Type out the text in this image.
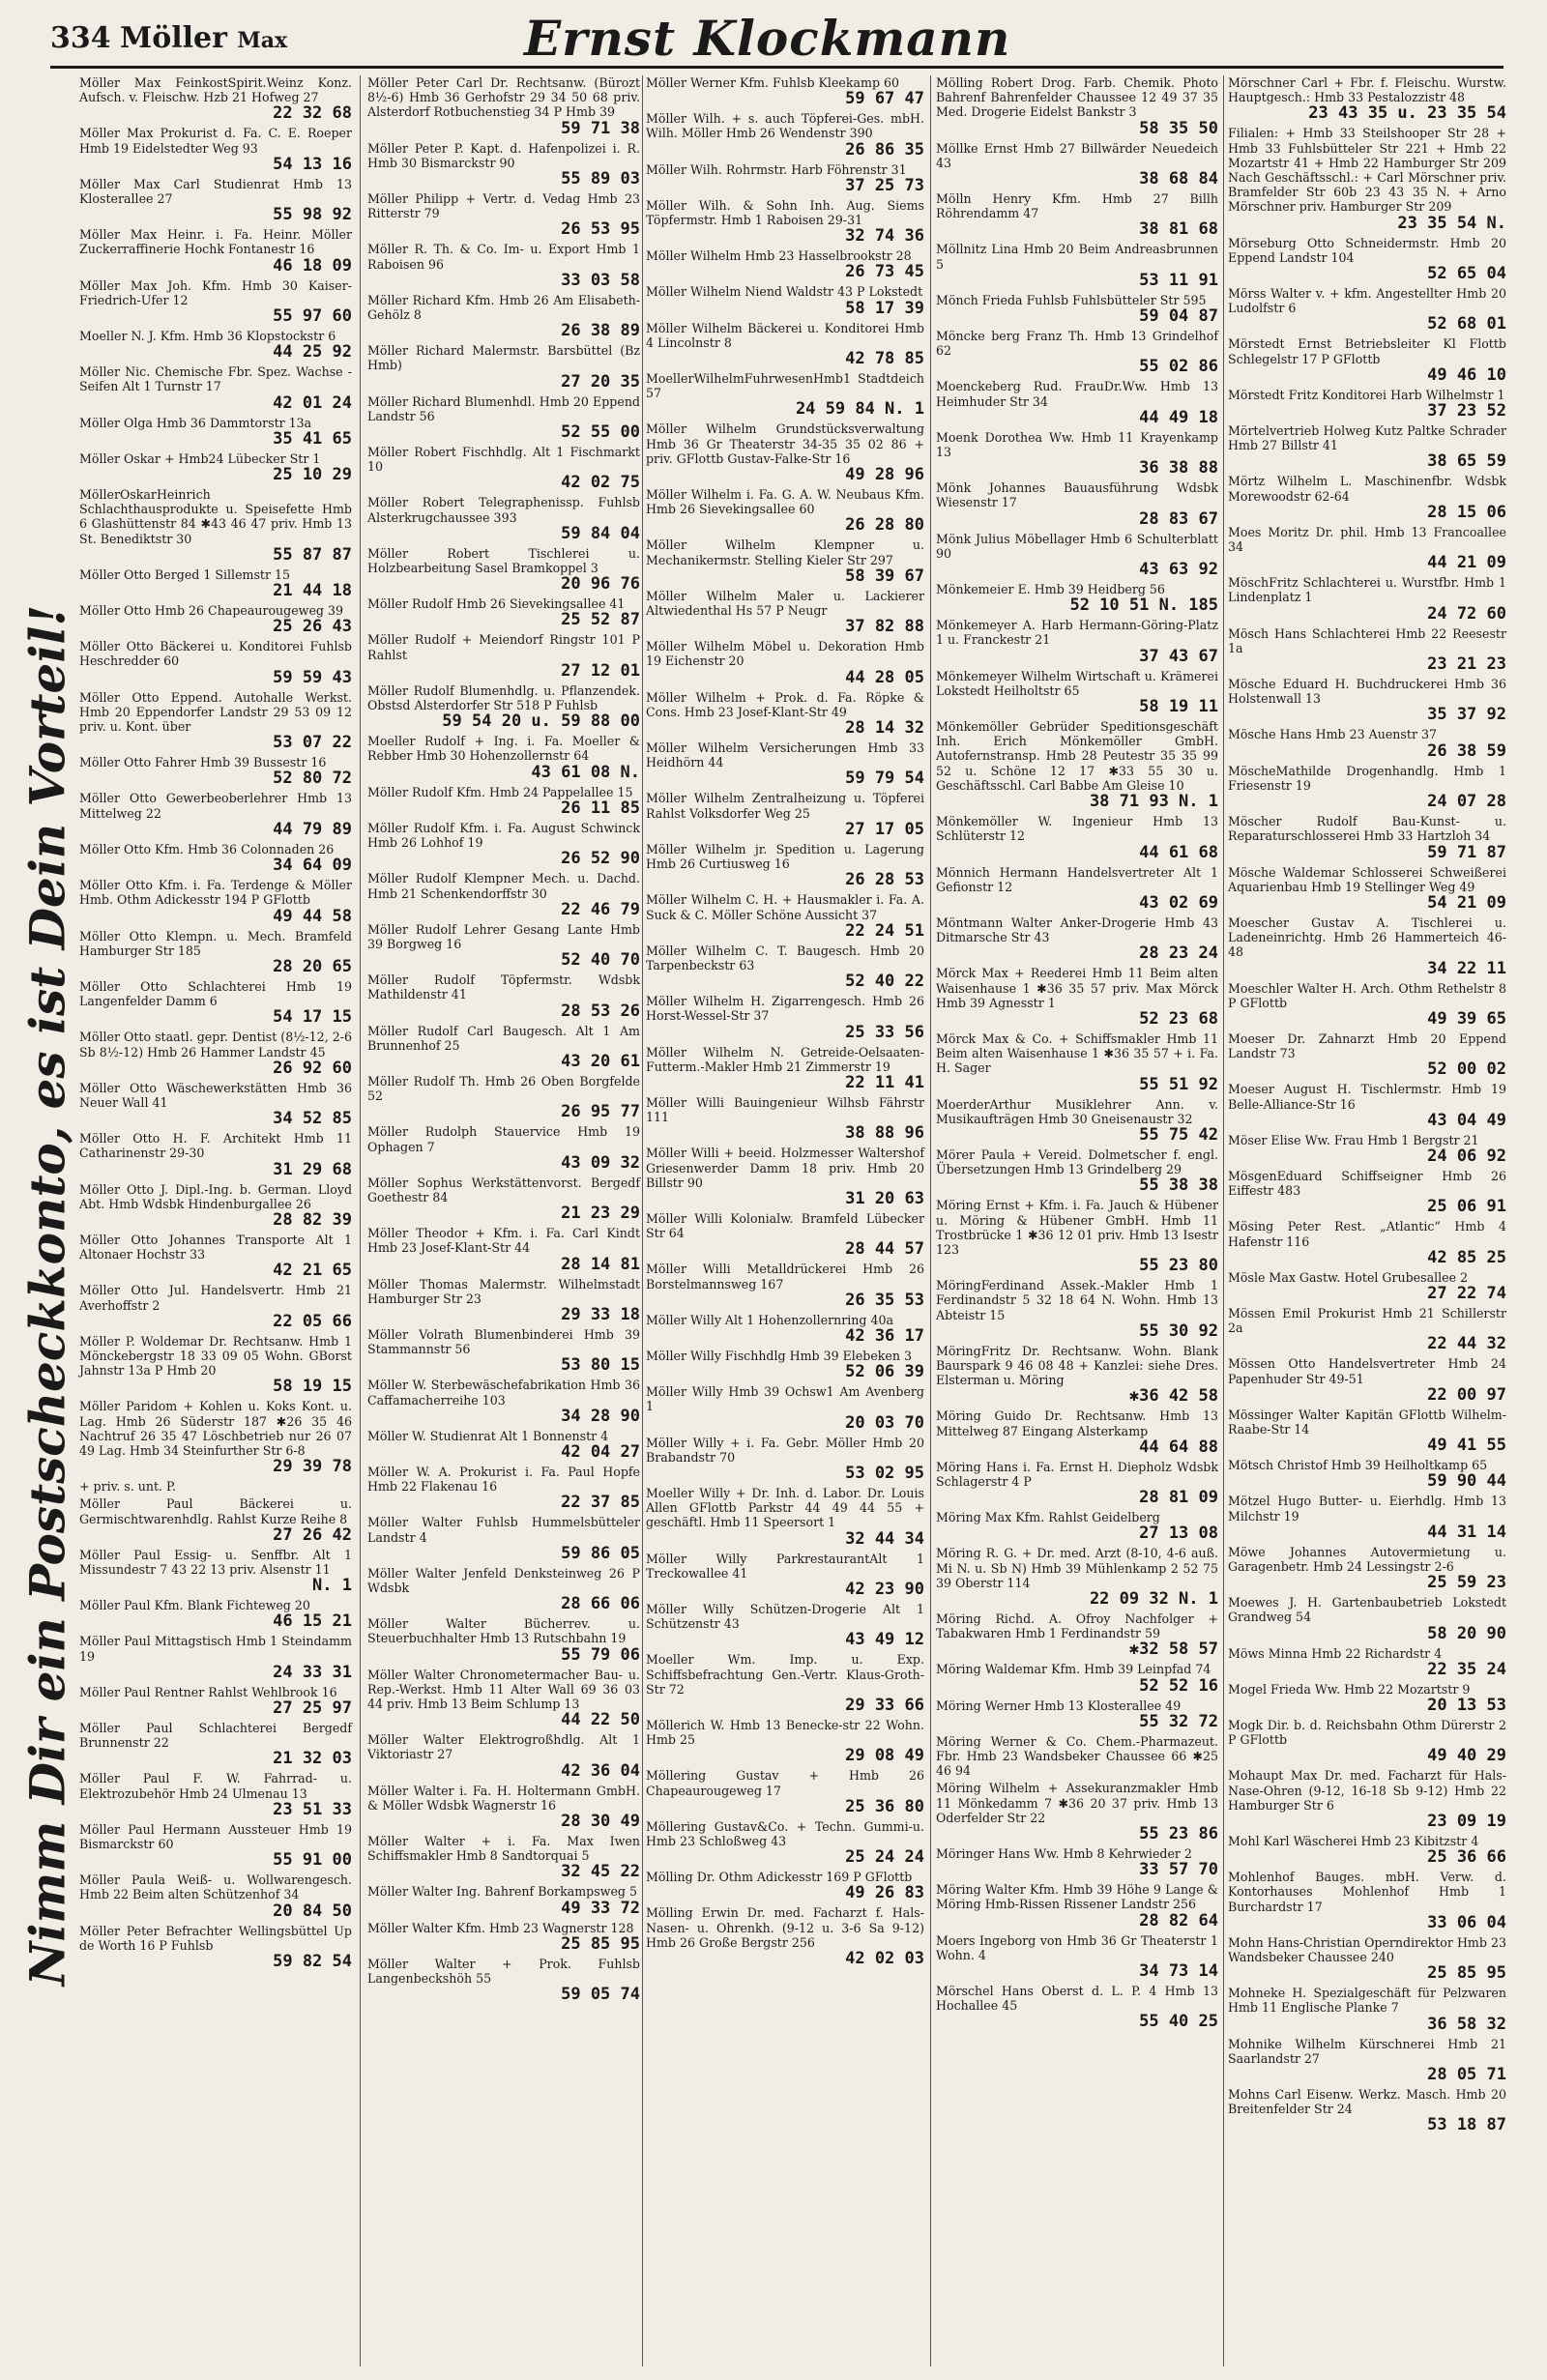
334 Möller Max	Ernst Klockmann
Nimm Dir ein Postscheckkonto, es ist Dein Vorteil!
Möller Max FeinkostSpirit.Weinz Konz. Aufsch. v. Fleischw. Hzb 21 Hofweg 27
22 32 68
Möller Max Prokurist d. Fa. C. E. Roeper Hmb 19 Eidelstedter Weg 93
54 13 16
Möller Max Carl Studienrat Hmb 13 Klosterallee 27
55 98 92
Möller Max Heinr. i. Fa. Heinr. Möller Zuckerraffinerie Hochk Fontanestr 16
46 18 09
Möller Max Joh. Kfm. Hmb 30 Kaiser-Friedrich-Ufer 12
55 97 60
Moeller N. J. Kfm. Hmb 36 Klopstockstr 6
44 25 92
Möller Nic. Chemische Fbr. Spez. Wachse - Seifen Alt 1 Turnstr 17
42 01 24
Möller Olga Hmb 36 Dammtorstr 13a
35 41 65
Möller Oskar + Hmb24 Lübecker Str 1
25 10 29
MöllerOskarHeinrich Schlachthausprodukte u. Speisefette Hmb 6 Glashüttenstr 84 ✱43 46 47 priv. Hmb 13 St. Benediktstr 30
55 87 87
Möller Otto Berged 1 Sillemstr 15
21 44 18
Möller Otto Hmb 26 Chapeaurougeweg 39
25 26 43
Möller Otto Bäckerei u. Konditorei Fuhlsb Heschredder 60
59 59 43
Möller Otto Eppend. Autohalle Werkst. Hmb 20 Eppendorfer Landstr 29 53 09 12 priv. u. Kont. über
53 07 22
Möller Otto Fahrer Hmb 39 Bussestr 16
52 80 72
Möller Otto Gewerbeoberlehrer Hmb 13 Mittelweg 22
44 79 89
Möller Otto Kfm. Hmb 36 Colonnaden 26
34 64 09
Möller Otto Kfm. i. Fa. Terdenge & Möller Hmb. Othm Adickesstr 194 P GFlottb
49 44 58
Möller Otto Klempn. u. Mech. Bramfeld Hamburger Str 185
28 20 65
Möller Otto Schlachterei Hmb 19 Langenfelder Damm 6
54 17 15
Möller Otto staatl. gepr. Dentist (8½-12, 2-6 Sb 8½-12) Hmb 26 Hammer Landstr 45
26 92 60
Möller Otto Wäschewerkstätten Hmb 36 Neuer Wall 41
34 52 85
Möller Otto H. F. Architekt Hmb 11 Catharinenstr 29-30
31 29 68
Möller Otto J. Dipl.-Ing. b. German. Lloyd Abt. Hmb Wdsbk Hindenburgallee 26
28 82 39
Möller Otto Johannes Transporte Alt 1 Altonaer Hochstr 33
42 21 65
Möller Otto Jul. Handelsvertr. Hmb 21 Averhoffstr 2
22 05 66
Möller P. Woldemar Dr. Rechtsanw. Hmb 1 Mönckebergstr 18 33 09 05 Wohn. GBorst Jahnstr 13a P Hmb 20
58 19 15
Möller Paridom + Kohlen u. Koks Kont. u. Lag. Hmb 26 Süderstr 187 ✱26 35 46 Nachtruf 26 35 47 Löschbetrieb nur 26 07 49 Lag. Hmb 34 Steinfurther Str 6-8
29 39 78
+ priv. s. unt. P.
Möller Paul Bäckerei u. Germischtwarenhdlg. Rahlst Kurze Reihe 8
27 26 42
Möller Paul Essig- u. Senffbr. Alt 1 Missundestr 7 43 22 13 priv. Alsenstr 11
N. 1
Möller Paul Kfm. Blank Fichteweg 20
46 15 21
Möller Paul Mittagstisch Hmb 1 Steindamm 19
24 33 31
Möller Paul Rentner Rahlst Wehlbrook 16
27 25 97
Möller Paul Schlachterei Bergedf Brunnenstr 22
21 32 03
Möller Paul F. W. Fahrrad- u. Elektrozubehör Hmb 24 Ulmenau 13
23 51 33
Möller Paul Hermann Aussteuer Hmb 19 Bismarckstr 60
55 91 00
Möller Paula Weiß- u. Wollwarengesch. Hmb 22 Beim alten Schützenhof 34
20 84 50
Möller Peter Befrachter Wellingsbüttel Up de Worth 16 P Fuhlsb
59 82 54
Möller Peter Carl Dr. Rechtsanw. (Bürozt 8½-6) Hmb 36 Gerhofstr 29 34 50 68 priv. Alsterdorf Rotbuchenstieg 34 P Hmb 39
59 71 38
Möller Peter P. Kapt. d. Hafenpolizei i. R. Hmb 30 Bismarckstr 90
55 89 03
Möller Philipp + Vertr. d. Vedag Hmb 23 Ritterstr 79
26 53 95
Möller R. Th. & Co. Im- u. Export Hmb 1 Raboisen 96
33 03 58
Möller Richard Kfm. Hmb 26 Am Elisabeth-Gehölz 8
26 38 89
Möller Richard Malermstr. Barsbüttel (Bz Hmb)
27 20 35
Möller Richard Blumenhdl. Hmb 20 Eppend Landstr 56
52 55 00
Möller Robert Fischhdlg. Alt 1 Fischmarkt 10
42 02 75
Möller Robert Telegraphenissp. Fuhlsb Alsterkrugchaussee 393
59 84 04
Möller Robert Tischlerei u. Holzbearbeitung Sasel Bramkoppel 3
20 96 76
Möller Rudolf Hmb 26 Sievekingsallee 41
25 52 87
Möller Rudolf + Meiendorf Ringstr 101 P Rahlst
27 12 01
Möller Rudolf Blumenhdlg. u. Pflanzendek. Obstsd Alsterdorfer Str 518 P Fuhlsb
59 54 20 u. 59 88 00
Moeller Rudolf + Ing. i. Fa. Moeller & Rebber Hmb 30 Hohenzollernstr 64
43 61 08 N.
Möller Rudolf Kfm. Hmb 24 Pappelallee 15
26 11 85
Möller Rudolf Kfm. i. Fa. August Schwinck Hmb 26 Lohhof 19
26 52 90
Möller Rudolf Klempner Mech. u. Dachd. Hmb 21 Schenkendorffstr 30
22 46 79
Möller Rudolf Lehrer Gesang Lante Hmb 39 Borgweg 16
52 40 70
Möller Rudolf Töpfermstr. Wdsbk Mathildenstr 41
28 53 26
Möller Rudolf Carl Baugesch. Alt 1 Am Brunnenhof 25
43 20 61
Möller Rudolf Th. Hmb 26 Oben Borgfelde 52
26 95 77
Möller Rudolph Stauervice Hmb 19 Ophagen 7
43 09 32
Möller Sophus Werkstättenvorst. Bergedf Goethestr 84
21 23 29
Möller Theodor + Kfm. i. Fa. Carl Kindt Hmb 23 Josef-Klant-Str 44
28 14 81
Möller Thomas Malermstr. Wilhelmstadt Hamburger Str 23
29 33 18
Möller Volrath Blumenbinderei Hmb 39 Stammannstr 56
53 80 15
Möller W. Sterbewäschefabrikation Hmb 36 Caffamacherreihe 103
34 28 90
Möller W. Studienrat Alt 1 Bonnenstr 4
42 04 27
Möller W. A. Prokurist i. Fa. Paul Hopfe Hmb 22 Flakenau 16
22 37 85
Möller Walter Fuhlsb Hummelsbütteler Landstr 4
59 86 05
Möller Walter Jenfeld Denksteinweg 26 P Wdsbk
28 66 06
Möller Walter Bücherrev. u. Steuerbuchhalter Hmb 13 Rutschbahn 19
55 79 06
Möller Walter Chronometermacher Bau- u. Rep.-Werkst. Hmb 11 Alter Wall 69 36 03 44 priv. Hmb 13 Beim Schlump 13
44 22 50
Möller Walter Elektrogroßhdlg. Alt 1 Viktoriastr 27
42 36 04
Möller Walter i. Fa. H. Holtermann GmbH. & Möller Wdsbk Wagnerstr 16
28 30 49
Möller Walter + i. Fa. Max Iwen Schiffsmakler Hmb 8 Sandtorquai 5
32 45 22
Möller Walter Ing. Bahrenf Borkampsweg 5
49 33 72
Möller Walter Kfm. Hmb 23 Wagnerstr 128
25 85 95
Möller Walter + Prok. Fuhlsb Langenbeckshöh 55
59 05 74
Möller Werner Kfm. Fuhlsb Kleekamp 60
59 67 47
Möller Wilh. + s. auch Töpferei-Ges. mbH. Wilh. Möller Hmb 26 Wendenstr 390
26 86 35
Möller Wilh. Rohrmstr. Harb Föhrenstr 31
37 25 73
Möller Wilh. & Sohn Inh. Aug. Siems Töpfermstr. Hmb 1 Raboisen 29-31
32 74 36
Möller Wilhelm Hmb 23 Hasselbrookstr 28
26 73 45
Möller Wilhelm Niend Waldstr 43 P Lokstedt
58 17 39
Möller Wilhelm Bäckerei u. Konditorei Hmb 4 Lincolnstr 8
42 78 85
MoellerWilhelmFuhrwesenHmb1 Stadtdeich 57
24 59 84 N. 1
Möller Wilhelm Grundstücksverwaltung Hmb 36 Gr Theaterstr 34-35 35 02 86 + priv. GFlottb Gustav-Falke-Str 16
49 28 96
Möller Wilhelm i. Fa. G. A. W. Neubaus Kfm. Hmb 26 Sievekingsallee 60
26 28 80
Möller Wilhelm Klempner u. Mechanikermstr. Stelling Kieler Str 297
58 39 67
Möller Wilhelm Maler u. Lackierer Altwiedenthal Hs 57 P Neugr
37 82 88
Möller Wilhelm Möbel u. Dekoration Hmb 19 Eichenstr 20
44 28 05
Möller Wilhelm + Prok. d. Fa. Röpke & Cons. Hmb 23 Josef-Klant-Str 49
28 14 32
Möller Wilhelm Versicherungen Hmb 33 Heidhörn 44
59 79 54
Möller Wilhelm Zentralheizung u. Töpferei Rahlst Volksdorfer Weg 25
27 17 05
Möller Wilhelm jr. Spedition u. Lagerung Hmb 26 Curtiusweg 16
26 28 53
Möller Wilhelm C. H. + Hausmakler i. Fa. A. Suck & C. Möller Schöne Aussicht 37
22 24 51
Möller Wilhelm C. T. Baugesch. Hmb 20 Tarpenbeckstr 63
52 40 22
Möller Wilhelm H. Zigarrengesch. Hmb 26 Horst-Wessel-Str 37
25 33 56
Möller Wilhelm N. Getreide-Oelsaaten- Futterm.-Makler Hmb 21 Zimmerstr 19
22 11 41
Möller Willi Bauingenieur Wilhsb Fährstr 111
38 88 96
Möller Willi + beeid. Holzmesser Waltershof Griesenwerder Damm 18 priv. Hmb 20 Billstr 90
31 20 63
Möller Willi Kolonialw. Bramfeld Lübecker Str 64
28 44 57
Möller Willi Metalldrückerei Hmb 26 Borstelmannsweg 167
26 35 53
Möller Willy Alt 1 Hohenzollernring 40a
42 36 17
Möller Willy Fischhdlg Hmb 39 Elebeken 3
52 06 39
Möller Willy Hmb 39 Ochsw1 Am Avenberg 1
20 03 70
Möller Willy + i. Fa. Gebr. Möller Hmb 20 Brabandstr 70
53 02 95
Moeller Willy + Dr. Inh. d. Labor. Dr. Louis Allen GFlottb Parkstr 44 49 44 55 + geschäftl. Hmb 11 Speersort 1
32 44 34
Möller Willy ParkrestaurantAlt 1 Treckowallee 41
42 23 90
Möller Willy Schützen-Drogerie Alt 1 Schützenstr 43
43 49 12
Moeller Wm. Imp. u. Exp. Schiffsbefrachtung Gen.-Vertr. Klaus-Groth-Str 72
29 33 66
Möllerich W. Hmb 13 Benecke-str 22 Wohn. Hmb 25
29 08 49
Möllering Gustav + Hmb 26 Chapeaurougeweg 17
25 36 80
Möllering Gustav&Co. + Techn. Gummi-u. Hmb 23 Schloßweg 43
25 24 24
Mölling Dr. Othm Adickesstr 169 P GFlottb
49 26 83
Mölling Erwin Dr. med. Facharzt f. Hals- Nasen- u. Ohrenkh. (9-12 u. 3-6 Sa 9-12) Hmb 26 Große Bergstr 256
42 02 03
Mölling Robert Drog. Farb. Chemik. Photo Bahrenf Bahrenfelder Chaussee 12 49 37 35 Med. Drogerie Eidelst Bankstr 3
58 35 50
Möllke Ernst Hmb 27 Billwärder Neuedeich 43
38 68 84
Mölln Henry Kfm. Hmb 27 Billh Röhrendamm 47
38 81 68
Möllnitz Lina Hmb 20 Beim Andreasbrunnen 5
53 11 91
Mönch Frieda Fuhlsb Fuhlsbütteler Str 595
59 04 87
Möncke berg Franz Th. Hmb 13 Grindelhof 62
55 02 86
Moenckeberg Rud. FrauDr.Ww. Hmb 13 Heimhuder Str 34
44 49 18
Moenk Dorothea Ww. Hmb 11 Krayenkamp 13
36 38 88
Mönk Johannes Bauausführung Wdsbk Wiesenstr 17
28 83 67
Mönk Julius Möbellager Hmb 6 Schulterblatt 90
43 63 92
Mönkemeier E. Hmb 39 Heidberg 56
52 10 51 N. 185
Mönkemeyer A. Harb Hermann-Göring-Platz 1 u. Franckestr 21
37 43 67
Mönkemeyer Wilhelm Wirtschaft u. Krämerei Lokstedt Heilholtstr 65
58 19 11
Mönkemöller Gebrüder Speditionsgeschäft Inh. Erich Mönkemöller GmbH. Autofernstransp. Hmb 28 Peutestr 35 35 99 52 u. Schöne 12 17 ✱33 55 30 u. Geschäftsschl. Carl Babbe Am Gleise 10
38 71 93 N. 1
Mönkemöller W. Ingenieur Hmb 13 Schlüterstr 12
44 61 68
Mönnich Hermann Handelsvertreter Alt 1 Gefionstr 12
43 02 69
Möntmann Walter Anker-Drogerie Hmb 43 Ditmarsche Str 43
28 23 24
Mörck Max + Reederei Hmb 11 Beim alten Waisenhause 1 ✱36 35 57 priv. Max Mörck Hmb 39 Agnesstr 1
52 23 68
Mörck Max & Co. + Schiffsmakler Hmb 11 Beim alten Waisenhause 1 ✱36 35 57 + i. Fa. H. Sager
55 51 92
MoerderArthur Musiklehrer Ann. v. Musikaufträgen Hmb 30 Gneisenaustr 32
55 75 42
Mörer Paula + Vereid. Dolmetscher f. engl. Übersetzungen Hmb 13 Grindelberg 29
55 38 38
Möring Ernst + Kfm. i. Fa. Jauch & Hübener u. Möring & Hübener GmbH. Hmb 11 Trostbrücke 1 ✱36 12 01 priv. Hmb 13 Isestr 123
55 23 80
MöringFerdinand Assek.-Makler Hmb 1 Ferdinandstr 5 32 18 64 N. Wohn. Hmb 13 Abteistr 15
55 30 92
MöringFritz Dr. Rechtsanw. Wohn. Blank Baurspark 9 46 08 48 + Kanzlei: siehe Dres. Elsterman u. Möring
✱36 42 58
Möring Guido Dr. Rechtsanw. Hmb 13 Mittelweg 87 Eingang Alsterkamp
44 64 88
Möring Hans i. Fa. Ernst H. Diepholz Wdsbk Schlagerstr 4 P
28 81 09
Möring Max Kfm. Rahlst Geidelberg
27 13 08
Möring R. G. + Dr. med. Arzt (8-10, 4-6 auß. Mi N. u. Sb N) Hmb 39 Mühlenkamp 2 52 75 39 Oberstr 114
22 09 32 N. 1
Möring Richd. A. Ofroy Nachfolger + Tabakwaren Hmb 1 Ferdinandstr 59
✱32 58 57
Möring Waldemar Kfm. Hmb 39 Leinpfad 74
52 52 16
Möring Werner Hmb 13 Klosterallee 49
55 32 72
Möring Werner & Co. Chem.-Pharmazeut. Fbr. Hmb 23 Wandsbeker Chaussee 66 ✱25 46 94
Möring Wilhelm + Assekuranzmakler Hmb 11 Mönkedamm 7 ✱36 20 37 priv. Hmb 13 Oderfelder Str 22
55 23 86
Möringer Hans Ww. Hmb 8 Kehrwieder 2
33 57 70
Möring Walter Kfm. Hmb 39 Höhe 9 Lange & Möring Hmb-Rissen Rissener Landstr 256
28 82 64
Moers Ingeborg von Hmb 36 Gr Theaterstr 1 Wohn. 4
34 73 14
Mörschel Hans Oberst d. L. P. 4 Hmb 13 Hochallee 45
55 40 25
Mörschner Carl + Fbr. f. Fleischu. Wurstw. Hauptgesch.: Hmb 33 Pestalozzistr 48
23 43 35 u. 23 35 54
Filialen: + Hmb 33 Steilshooper Str 28 + Hmb 33 Fuhlsbütteler Str 221 + Hmb 22 Mozartstr 41 + Hmb 22 Hamburger Str 209 Nach Geschäftsschl.: + Carl Mörschner priv. Bramfelder Str 60b 23 43 35 N. + Arno Mörschner priv. Hamburger Str 209
23 35 54 N.
Mörseburg Otto Schneidermstr. Hmb 20 Eppend Landstr 104
52 65 04
Mörss Walter v. + kfm. Angestellter Hmb 20 Ludolfstr 6
52 68 01
Mörstedt Ernst Betriebsleiter Kl Flottb Schlegelstr 17 P GFlottb
49 46 10
Mörstedt Fritz Konditorei Harb Wilhelmstr 1
37 23 52
Mörtelvertrieb Holweg Kutz Paltke Schrader Hmb 27 Billstr 41
38 65 59
Mörtz Wilhelm L. Maschinenfbr. Wdsbk Morewoodstr 62-64
28 15 06
Moes Moritz Dr. phil. Hmb 13 Francoallee 34
44 21 09
MöschFritz Schlachterei u. Wurstfbr. Hmb 1 Lindenplatz 1
24 72 60
Mösch Hans Schlachterei Hmb 22 Reesestr 1a
23 21 23
Mösche Eduard H. Buchdruckerei Hmb 36 Holstenwall 13
35 37 92
Mösche Hans Hmb 23 Auenstr 37
26 38 59
MöscheMathilde Drogenhandlg. Hmb 1 Friesenstr 19
24 07 28
Möscher Rudolf Bau-Kunst- u. Reparaturschlosserei Hmb 33 Hartzloh 34
59 71 87
Mösche Waldemar Schlosserei Schweißerei Aquarienbau Hmb 19 Stellinger Weg 49
54 21 09
Moescher Gustav A. Tischlerei u. Ladeneinrichtg. Hmb 26 Hammerteich 46-48
34 22 11
Moeschler Walter H. Arch. Othm Rethelstr 8 P GFlottb
49 39 65
Moeser Dr. Zahnarzt Hmb 20 Eppend Landstr 73
52 00 02
Moeser August H. Tischlermstr. Hmb 19 Belle-Alliance-Str 16
43 04 49
Möser Elise Ww. Frau Hmb 1 Bergstr 21
24 06 92
MösgenEduard Schiffseigner Hmb 26 Eiffestr 483
25 06 91
Mösing Peter Rest. „Atlantic“ Hmb 4 Hafenstr 116
42 85 25
Mösle Max Gastw. Hotel Grubesallee 2
27 22 74
Mössen Emil Prokurist Hmb 21 Schillerstr 2a
22 44 32
Mössen Otto Handelsvertreter Hmb 24 Papenhuder Str 49-51
22 00 97
Mössinger Walter Kapitän GFlottb Wilhelm-Raabe-Str 14
49 41 55
Mötsch Christof Hmb 39 Heilholtkamp 65
59 90 44
Mötzel Hugo Butter- u. Eierhdlg. Hmb 13 Milchstr 19
44 31 14
Möwe Johannes Autovermietung u. Garagenbetr. Hmb 24 Lessingstr 2-6
25 59 23
Moewes J. H. Gartenbaubetrieb Lokstedt Grandweg 54
58 20 90
Möws Minna Hmb 22 Richardstr 4
22 35 24
Mogel Frieda Ww. Hmb 22 Mozartstr 9
20 13 53
Mogk Dir. b. d. Reichsbahn Othm Dürerstr 2 P GFlottb
49 40 29
Mohaupt Max Dr. med. Facharzt für Hals-Nase-Ohren (9-12, 16-18 Sb 9-12) Hmb 22 Hamburger Str 6
23 09 19
Mohl Karl Wäscherei Hmb 23 Kibitzstr 4
25 36 66
Mohlenhof Bauges. mbH. Verw. d. Kontorhauses Mohlenhof Hmb 1 Burchardstr 17
33 06 04
Mohn Hans-Christian Operndirektor Hmb 23 Wandsbeker Chaussee 240
25 85 95
Mohneke H. Spezialgeschäft für Pelzwaren Hmb 11 Englische Planke 7
36 58 32
Mohnike Wilhelm Kürschnerei Hmb 21 Saarlandstr 27
28 05 71
Mohns Carl Eisenw. Werkz. Masch. Hmb 20 Breitenfelder Str 24
53 18 87
